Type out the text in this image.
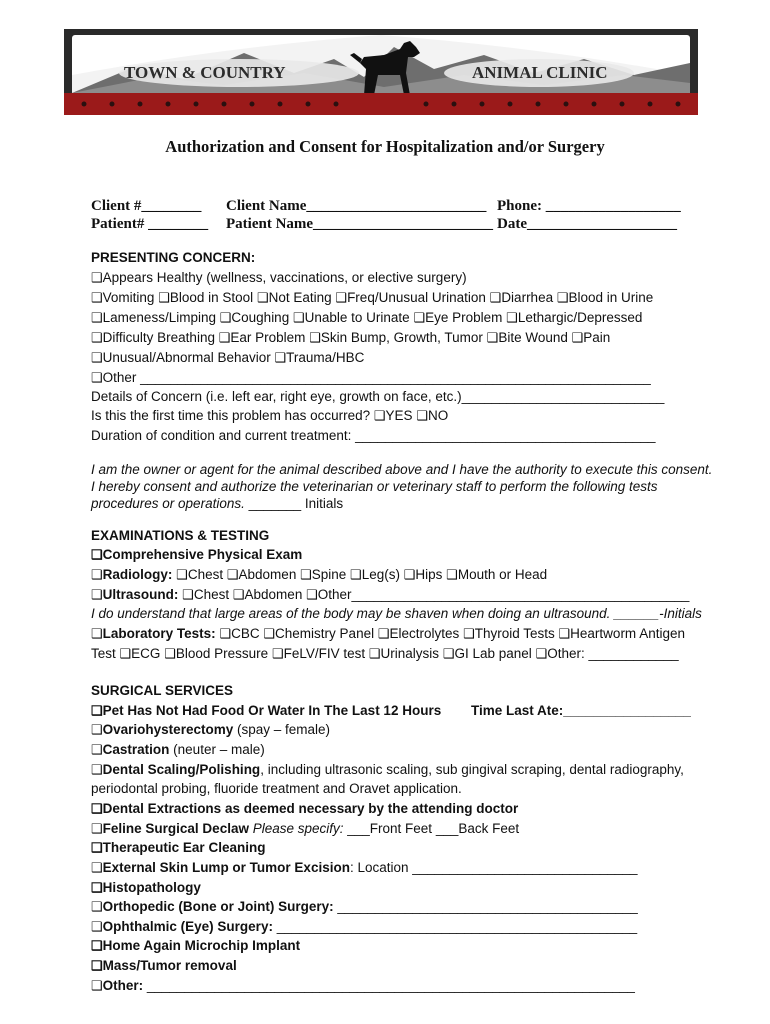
TOWN & COUNTRY	ANIMAL CLINIC
Authorization and Consent for Hospitalization and/or Surgery
Client #________ Client Name________________________ Phone: __________________
Patient# ________ Patient Name________________________ Date____________________
PRESENTING CONCERN:
❑Appears Healthy (wellness, vaccinations, or elective surgery)
❑Vomiting ❑Blood in Stool ❑Not Eating ❑Freq/Unusual Urination ❑Diarrhea ❑Blood in Urine
❑Lameness/Limping ❑Coughing ❑Unable to Urinate ❑Eye Problem ❑Lethargic/Depressed
❑Difficulty Breathing ❑Ear Problem ❑Skin Bump, Growth, Tumor ❑Bite Wound ❑Pain
❑Unusual/Abnormal Behavior ❑Trauma/HBC
❑Other ____________________________________________________________________
Details of Concern (i.e. left ear, right eye, growth on face, etc.)___________________________
Is this the first time this problem has occurred? ❑YES ❑NO
Duration of condition and current treatment: ________________________________________
I am the owner or agent for the animal described above and I have the authority to execute this consent.
I hereby consent and authorize the veterinarian or veterinary staff to perform the following tests
procedures or operations. _______ Initials
EXAMINATIONS & TESTING
❑Comprehensive Physical Exam
❑Radiology: ❑Chest ❑Abdomen ❑Spine ❑Leg(s) ❑Hips ❑Mouth or Head
❑Ultrasound: ❑Chest ❑Abdomen ❑Other_____________________________________________
I do understand that large areas of the body may be shaven when doing an ultrasound. ______-Initials
❑Laboratory Tests: ❑CBC ❑Chemistry Panel ❑Electrolytes ❑Thyroid Tests ❑Heartworm Antigen
Test ❑ECG ❑Blood Pressure ❑FeLV/FIV test ❑Urinalysis ❑GI Lab panel ❑Other: ____________
SURGICAL SERVICES
❑Pet Has Not Had Food Or Water In The Last 12 Hours Time Last Ate:_________________
❑Ovariohysterectomy (spay – female)
❑Castration (neuter – male)
❑Dental Scaling/Polishing, including ultrasonic scaling, sub gingival scraping, dental radiography,
periodontal probing, fluoride treatment and Oravet application.
❑Dental Extractions as deemed necessary by the attending doctor
❑Feline Surgical Declaw Please specify: ___Front Feet ___Back Feet
❑Therapeutic Ear Cleaning
❑External Skin Lump or Tumor Excision: Location ______________________________
❑Histopathology
❑Orthopedic (Bone or Joint) Surgery: ________________________________________
❑Ophthalmic (Eye) Surgery: ________________________________________________
❑Home Again Microchip Implant
❑Mass/Tumor removal
❑Other: _________________________________________________________________
